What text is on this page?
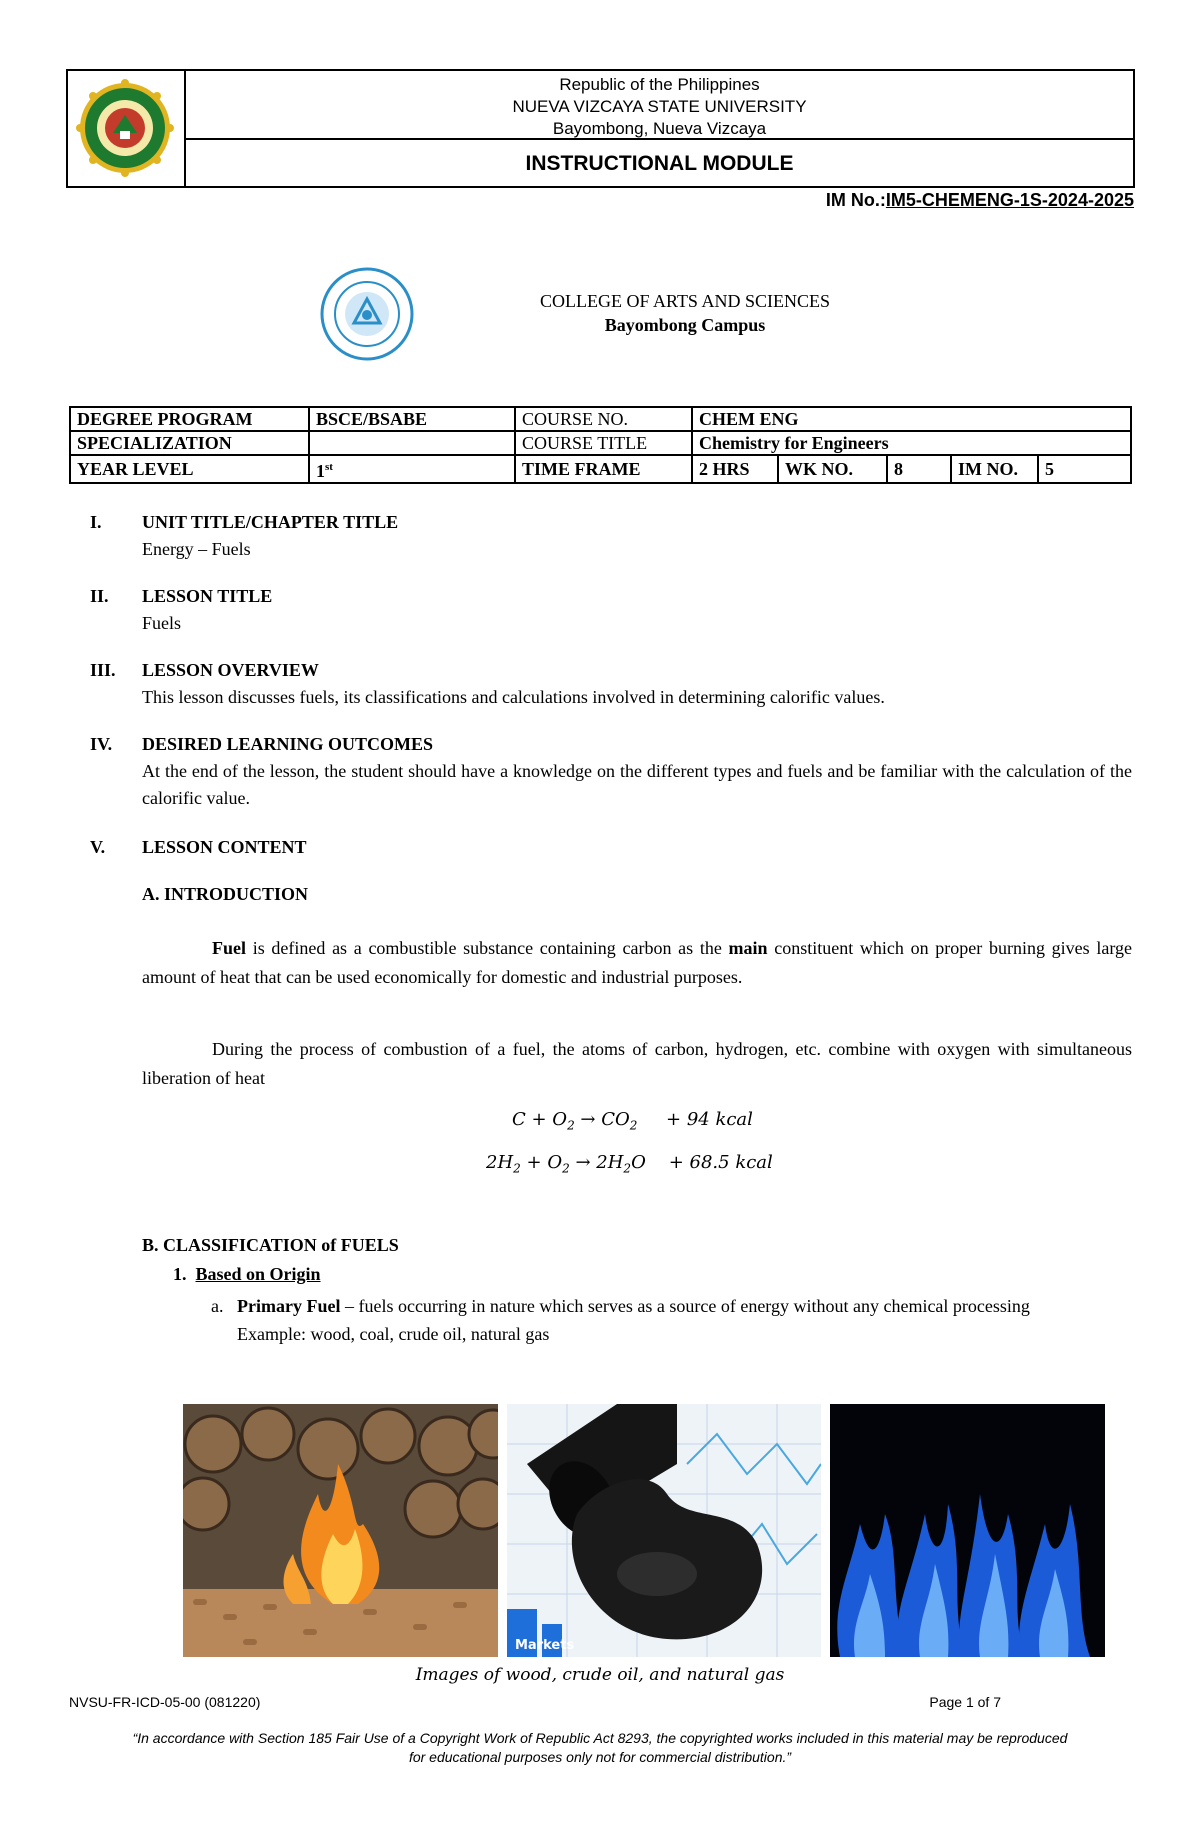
Republic of the Philippines
NUEVA VIZCAYA STATE UNIVERSITY
Bayombong, Nueva Vizcaya
INSTRUCTIONAL MODULE
IM No.:IM5-CHEMENG-1S-2024-2025
COLLEGE OF ARTS AND SCIENCES
Bayombong Campus
DEGREE PROGRAM	BSCE/BSABE	COURSE NO.	CHEM ENG				
SPECIALIZATION		COURSE TITLE	Chemistry for Engineers				
YEAR LEVEL	1st	TIME FRAME	2 HRS	WK NO.	8	IM NO.	5
I. UNIT TITLE/CHAPTER TITLE
Energy – Fuels
II. LESSON TITLE
Fuels
III. LESSON OVERVIEW
This lesson discusses fuels, its classifications and calculations involved in determining calorific values.
IV. DESIRED LEARNING OUTCOMES
At the end of the lesson, the student should have a knowledge on the different types and fuels and be familiar with the calculation of the calorific value.
V. LESSON CONTENT
A. INTRODUCTION
Fuel is defined as a combustible substance containing carbon as the main constituent which on proper burning gives large amount of heat that can be used economically for domestic and industrial purposes.
During the process of combustion of a fuel, the atoms of carbon, hydrogen, etc. combine with oxygen with simultaneous liberation of heat
$C + O_2 \to CO_2 + 94$ kcal
$2H_2 + O_2 \to 2H_2O$    + 68.5 kcal
B. CLASSIFICATION of FUELS
1. Based on Origin
a. Primary Fuel – fuels occurring in nature which serves as a source of energy without any chemical processing
Example: wood, coal, crude oil, natural gas
Markets
Images of wood, crude oil, and natural gas
NVSU-FR-ICD-05-00 (081220)	Page 1 of 7
“In accordance with Section 185 Fair Use of a Copyright Work of Republic Act 8293, the copyrighted works included in this material may be reproduced
for educational purposes only not for commercial distribution.”
